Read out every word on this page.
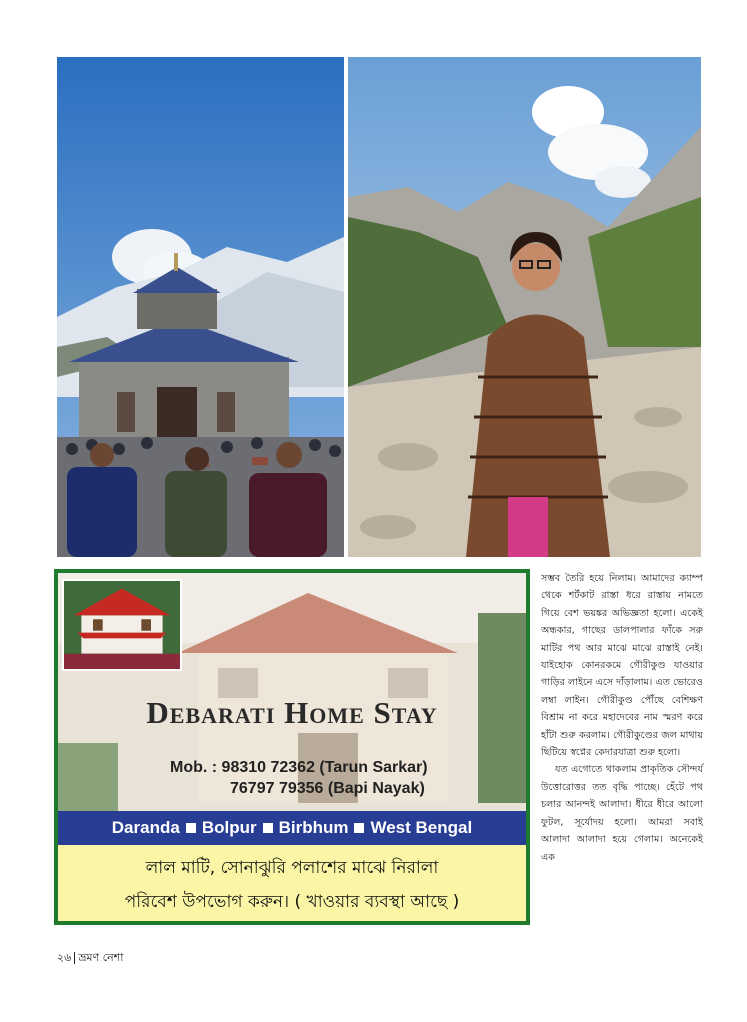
Debarati Home Stay
Mob. : 98310 72362 (Tarun Sarkar)
76797 79356 (Bapi Nayak)
Daranda Bolpur Birbhum West Bengal
লাল মাটি, সোনাঝুরি পলাশের মাঝে নিরালা
পরিবেশ উপভোগ করুন। ( খাওয়ার ব্যবস্থা আছে )

সম্ভব তৈরি হয়ে নিলাম। আমাদের ক্যাম্প থেকে শর্টকাট রাস্তা ধরে রাস্তায় নামতে গিয়ে বেশ ভয়ঙ্কর অভিজ্ঞতা হলো। একেই অন্ধকার, গাছের ডালপালার ফাঁকে সরু মাটির পথ আর মাঝে মাঝে রাস্তাই নেই। যাইহোক কোনরকমে গৌরীকুণ্ড যাওয়ার গাড়ির লাইনে এসে দাঁড়ালাম। এত ভোরেও লম্বা লাইন। গৌরীকুণ্ড পৌঁছে বেশিক্ষণ বিশ্রাম না করে মহাদেবের নাম স্মরণ করে হাঁটা শুরু করলাম। গৌরীকুণ্ডের জল মাথায় ছিটিয়ে স্বপ্নের কেদারযাত্রা শুরু হলো।

যত এগোতে থাকলাম প্রাকৃতিক সৌন্দর্য উত্তোরোত্তর তত বৃদ্ধি পাচ্ছে। হেঁটে পথ চলার আনন্দই আলাদা। ধীরে ধীরে আলো ফুটল, সূর্যোদয় হলো। আমরা সবাই আলাদা আলাদা হয়ে গেলাম। অনেকেই এক

২৬ ভ্রমণ নেশা
